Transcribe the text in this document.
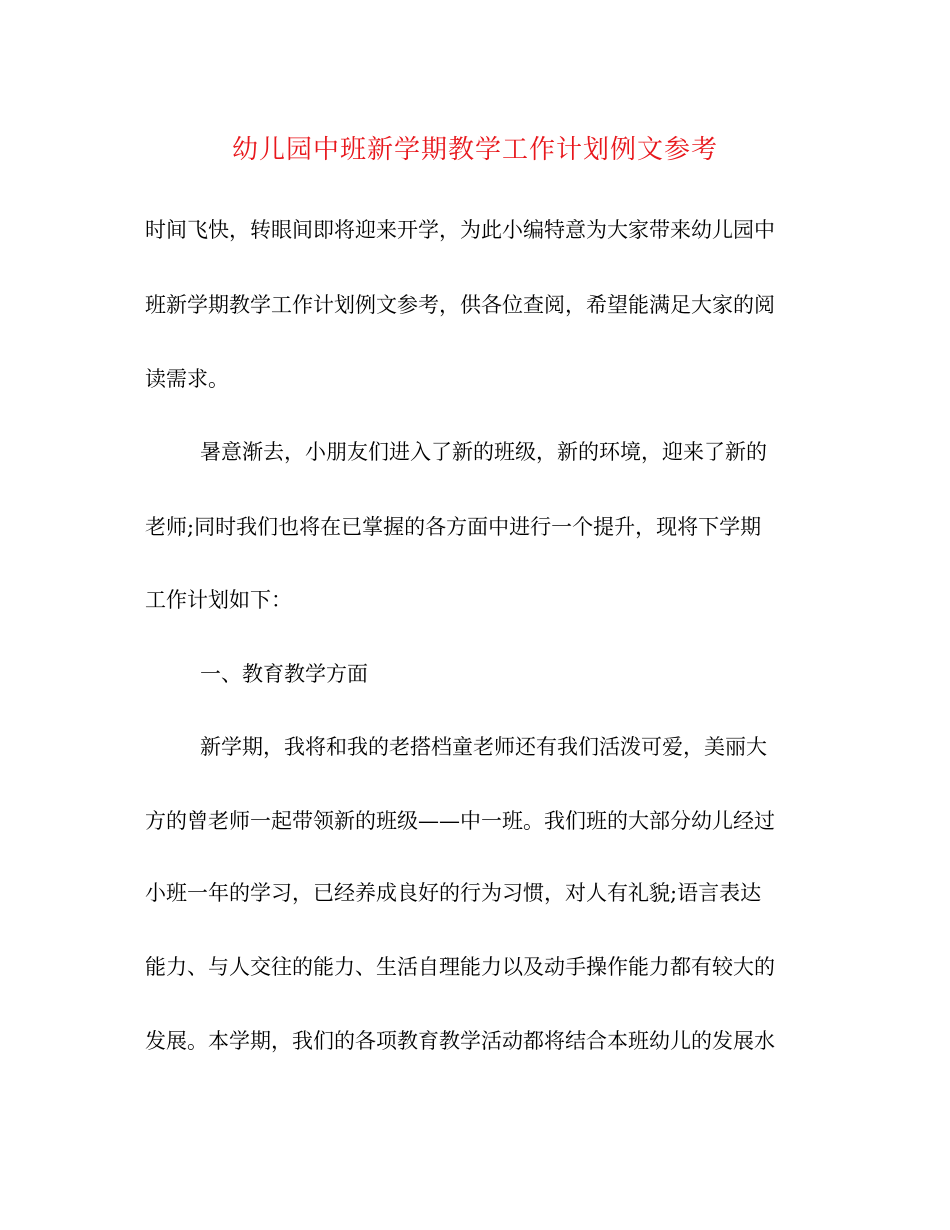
幼儿园中班新学期教学工作计划例文参考
时间飞快，转眼间即将迎来开学，为此小编特意为大家带来幼儿园中
班新学期教学工作计划例文参考，供各位查阅，希望能满足大家的阅
读需求。
暑意渐去，小朋友们进入了新的班级，新的环境，迎来了新的
老师;同时我们也将在已掌握的各方面中进行一个提升，现将下学期
工作计划如下：
一、教育教学方面
新学期，我将和我的老搭档童老师还有我们活泼可爱，美丽大
方的曾老师一起带领新的班级——中一班。我们班的大部分幼儿经过
小班一年的学习，已经养成良好的行为习惯，对人有礼貌;语言表达
能力、与人交往的能力、生活自理能力以及动手操作能力都有较大的
发展。本学期，我们的各项教育教学活动都将结合本班幼儿的发展水
